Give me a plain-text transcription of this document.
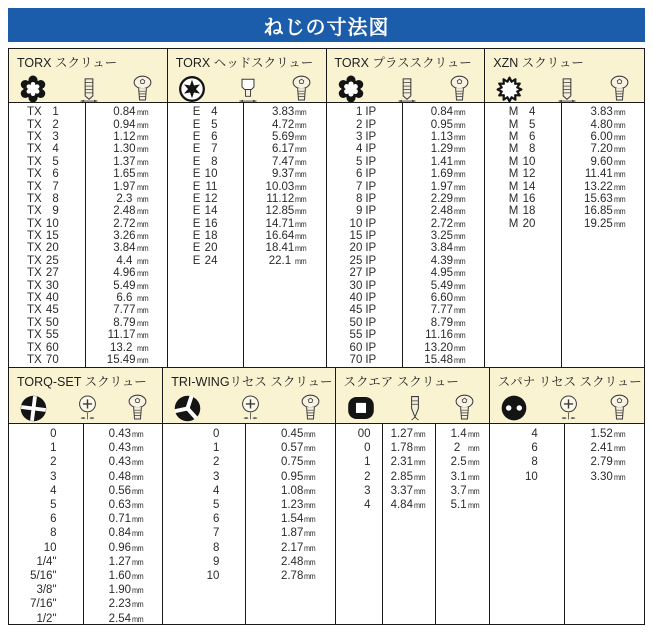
ねじの寸法図
TORX スクリュー
TX 1
TX 2
TX 3
TX 4
TX 5
TX 6
TX 7
TX 8
TX 9
TX 10
TX 15
TX 20
TX 25
TX 27
TX 30
TX 40
TX 45
TX 50
TX 55
TX 60
TX 70
0.84 mm
0.94 mm
1.12 mm
1.30 mm
1.37 mm
1.65 mm
1.97 mm
2.3 mm
2.48 mm
2.72 mm
3.26 mm
3.84 mm
4.4 mm
4.96 mm
5.49 mm
6.6 mm
7.77 mm
8.79 mm
11.17 mm
13.2 mm
15.49 mm
TORX ヘッドスクリュー
E 4
E 5
E 6
E 7
E 8
E 10
E 11
E 12
E 14
E 16
E 18
E 20
E 24
3.83 mm
4.72 mm
5.69 mm
6.17 mm
7.47 mm
9.37 mm
10.03 mm
11.12 mm
12.85 mm
14.71 mm
16.64 mm
18.41 mm
22.1 mm
TORX プラススクリュー
1 IP
2 IP
3 IP
4 IP
5 IP
6 IP
7 IP
8 IP
9 IP
10 IP
15 IP
20 IP
25 IP
27 IP
30 IP
40 IP
45 IP
50 IP
55 IP
60 IP
70 IP
0.84 mm
0.95 mm
1.13 mm
1.29 mm
1.41 mm
1.69 mm
1.97 mm
2.29 mm
2.48 mm
2.72 mm
3.25 mm
3.84 mm
4.39 mm
4.95 mm
5.49 mm
6.60 mm
7.77 mm
8.79 mm
11.16 mm
13.20 mm
15.48 mm
XZN スクリュー
M 4
M 5
M 6
M 8
M 10
M 12
M 14
M 16
M 18
M 20
3.83 mm
4.80 mm
6.00 mm
7.20 mm
9.60 mm
11.41 mm
13.22 mm
15.63 mm
16.85 mm
19.25 mm
TORQ-SET スクリュー
0
1
2
3
4
5
6
8
10
1/4"
5/16"
3/8"
7/16"
1/2"
0.43 mm
0.43 mm
0.43 mm
0.48 mm
0.56 mm
0.63 mm
0.71 mm
0.84 mm
0.96 mm
1.27 mm
1.60 mm
1.90 mm
2.23 mm
2.54 mm
TRI-WINGリセス スクリュー
0
1
2
3
4
5
6
7
8
9
10
0.45 mm
0.57 mm
0.75 mm
0.95 mm
1.08 mm
1.23 mm
1.54 mm
1.87 mm
2.17 mm
2.48 mm
2.78 mm
スクエア スクリュー
00
0
1
2
3
4
1.27 mm
1.78 mm
2.31 mm
2.85 mm
3.37 mm
4.84 mm
1.4 mm
2 mm
2.5 mm
3.1 mm
3.7 mm
5.1 mm
スパナ リセス スクリュー
4
6
8
10
1.52 mm
2.41 mm
2.79 mm
3.30 mm
